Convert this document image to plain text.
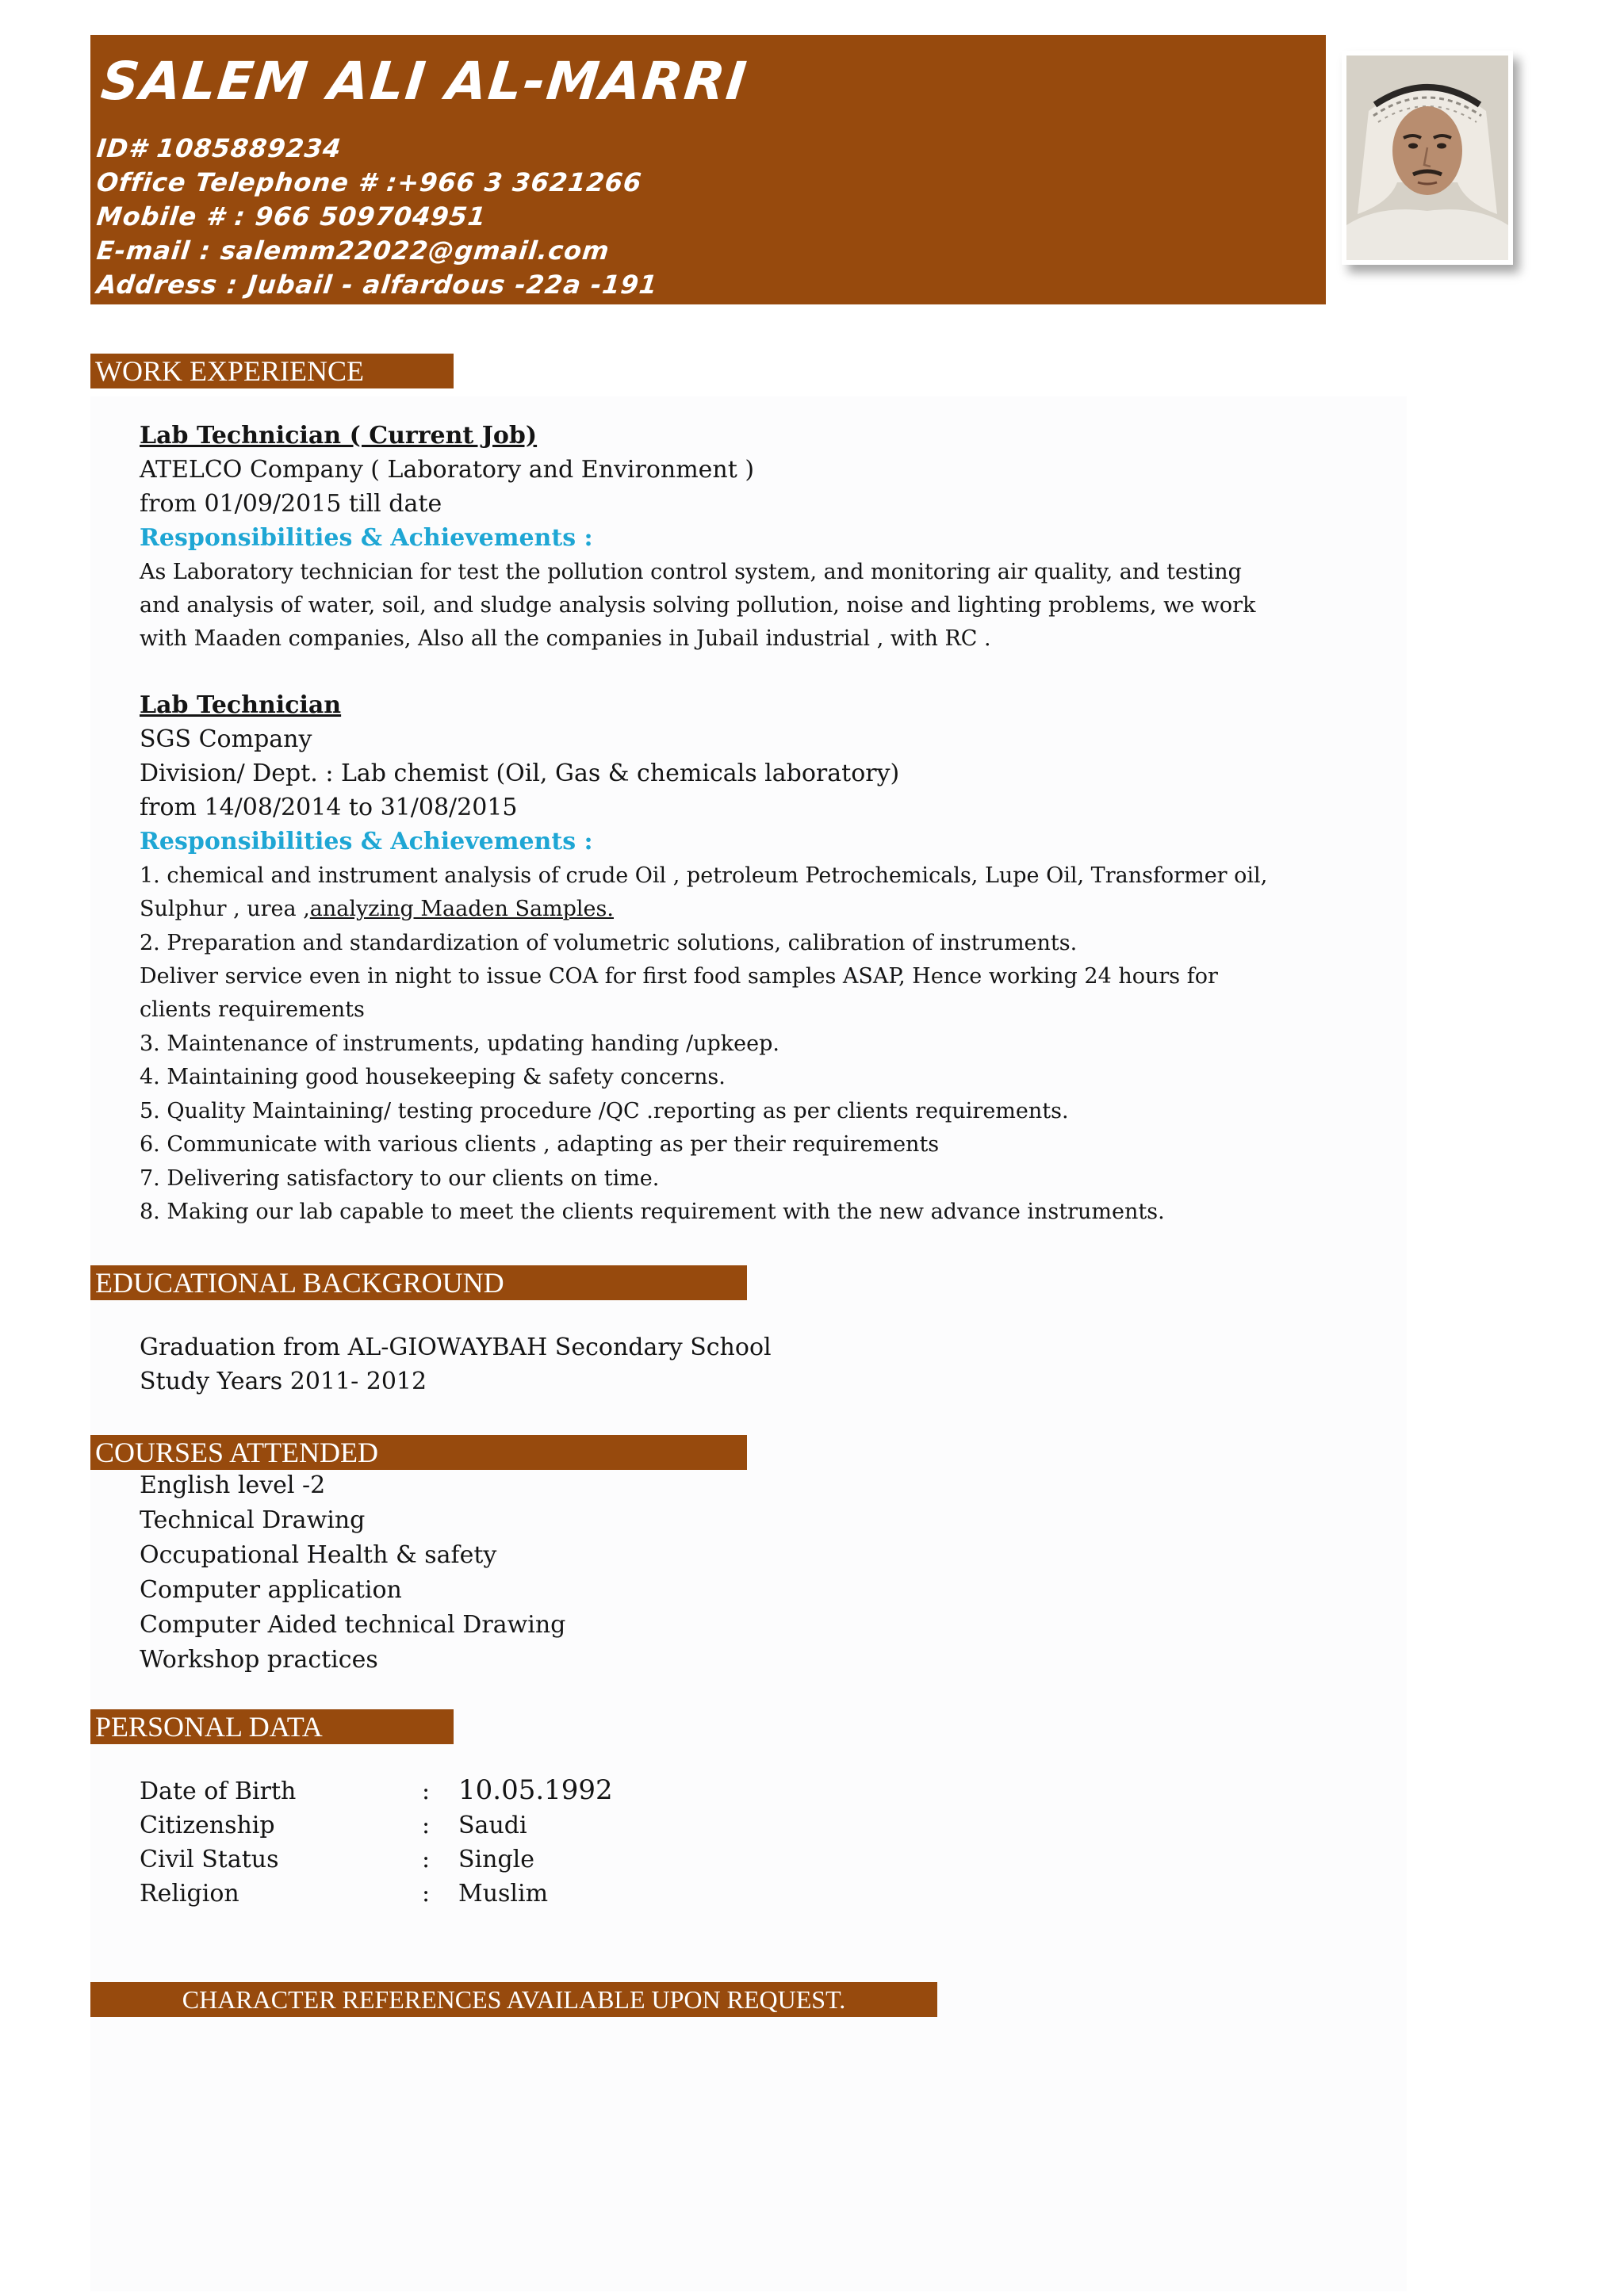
SALEM ALI AL-MARRI
ID# 1085889234
Office Telephone # :+966 3 3621266
Mobile # : 966 509704951
E-mail : salemm22022@gmail.com
Address : Jubail - alfardous -22a -191
WORK EXPERIENCE
Lab Technician ( Current Job)
ATELCO Company ( Laboratory and Environment )
from 01/09/2015 till date
Responsibilities & Achievements :
As Laboratory technician for test the pollution control system, and monitoring air quality, and testing
and analysis of water, soil, and sludge analysis solving pollution, noise and lighting problems, we work
with Maaden companies, Also all the companies in Jubail industrial , with RC .
Lab Technician
SGS Company
Division/ Dept. : Lab chemist (Oil, Gas & chemicals laboratory)
from 14/08/2014 to 31/08/2015
Responsibilities & Achievements :
1. chemical and instrument analysis of crude Oil , petroleum Petrochemicals, Lupe Oil, Transformer oil,
Sulphur , urea ,analyzing Maaden Samples.
2. Preparation and standardization of volumetric solutions, calibration of instruments.
Deliver service even in night to issue COA for first food samples ASAP, Hence working 24 hours for
clients requirements
3. Maintenance of instruments, updating handing /upkeep.
4. Maintaining good housekeeping & safety concerns.
5. Quality Maintaining/ testing procedure /QC .reporting as per clients requirements.
6. Communicate with various clients , adapting as per their requirements
7. Delivering satisfactory to our clients on time.
8. Making our lab capable to meet the clients requirement with the new advance instruments.
EDUCATIONAL BACKGROUND
Graduation from AL-GIOWAYBAH Secondary School
Study Years 2011- 2012
COURSES ATTENDED
English level -2
Technical Drawing
Occupational Health & safety
Computer application
Computer Aided technical Drawing
Workshop practices
PERSONAL DATA
Date of Birth	: 10.05.1992
Citizenship	: Saudi
Civil Status	: Single
Religion	: Muslim
CHARACTER REFERENCES AVAILABLE UPON REQUEST.
